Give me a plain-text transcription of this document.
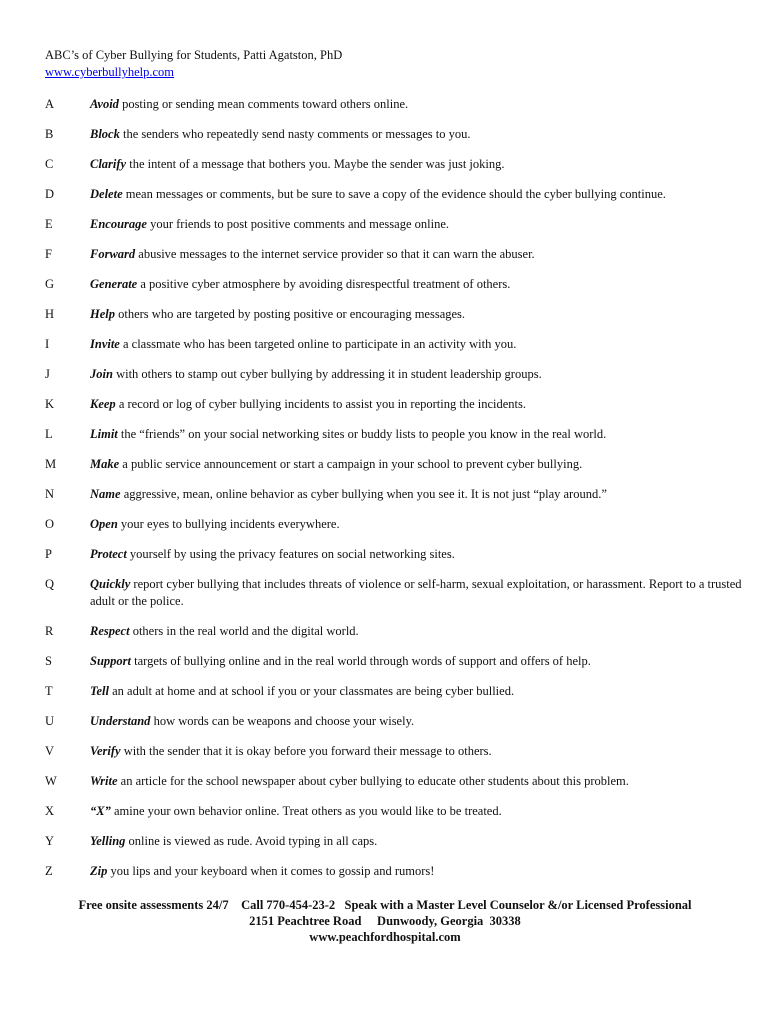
ABC’s of Cyber Bullying for Students, Patti Agatston, PhD
www.cyberbullyhelp.com
A	Avoid posting or sending mean comments toward others online.
B	Block the senders who repeatedly send nasty comments or messages to you.
C	Clarify the intent of a message that bothers you. Maybe the sender was just joking.
D	Delete mean messages or comments, but be sure to save a copy of the evidence should the cyber bullying continue.
E	Encourage your friends to post positive comments and message online.
F	Forward abusive messages to the internet service provider so that it can warn the abuser.
G	Generate a positive cyber atmosphere by avoiding disrespectful treatment of others.
H	Help others who are targeted by posting positive or encouraging messages.
I	Invite a classmate who has been targeted online to participate in an activity with you.
J	Join with others to stamp out cyber bullying by addressing it in student leadership groups.
K	Keep a record or log of cyber bullying incidents to assist you in reporting the incidents.
L	Limit the “friends” on your social networking sites or buddy lists to people you know in the real world.
M	Make a public service announcement or start a campaign in your school to prevent cyber bullying.
N	Name aggressive, mean, online behavior as cyber bullying when you see it. It is not just “play around.”
O	Open your eyes to bullying incidents everywhere.
P	Protect yourself by using the privacy features on social networking sites.
Q	Quickly report cyber bullying that includes threats of violence or self-harm, sexual exploitation, or harassment. Report to a trusted adult or the police.
R	Respect others in the real world and the digital world.
S	Support targets of bullying online and in the real world through words of support and offers of help.
T	Tell an adult at home and at school if you or your classmates are being cyber bullied.
U	Understand how words can be weapons and choose your wisely.
V	Verify with the sender that it is okay before you forward their message to others.
W	Write an article for the school newspaper about cyber bullying to educate other students about this problem.
X	“X” amine your own behavior online. Treat others as you would like to be treated.
Y	Yelling online is viewed as rude. Avoid typing in all caps.
Z	Zip you lips and your keyboard when it comes to gossip and rumors!
Free onsite assessments 24/7    Call 770-454-23-2   Speak with a Master Level Counselor &/or Licensed Professional
2151 Peachtree Road     Dunwoody, Georgia  30338
www.peachfordhospital.com
